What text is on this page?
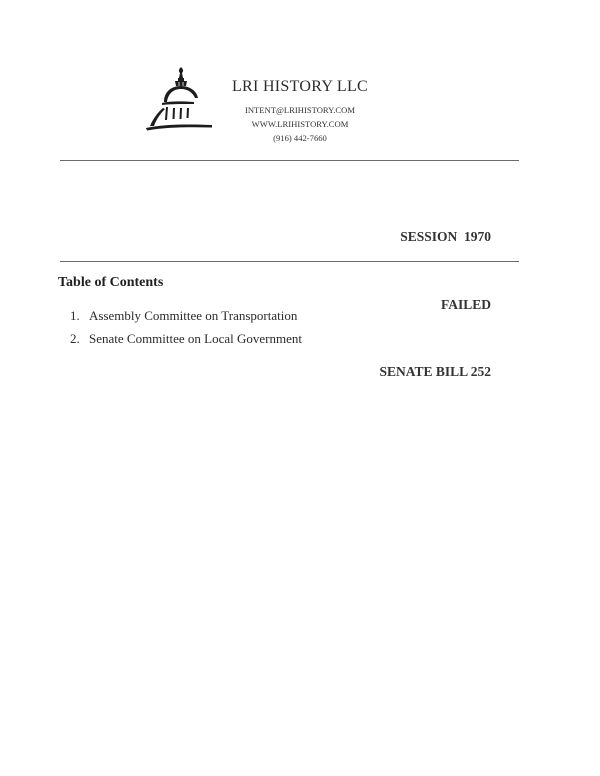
LRI HISTORY LLC
INTENT@LRIHISTORY.COM
WWW.LRIHISTORY.COM
(916) 442-7660

SESSION  1970

FAILED

SENATE BILL 252

Table of Contents
1. Assembly Committee on Transportation
2. Senate Committee on Local Government
